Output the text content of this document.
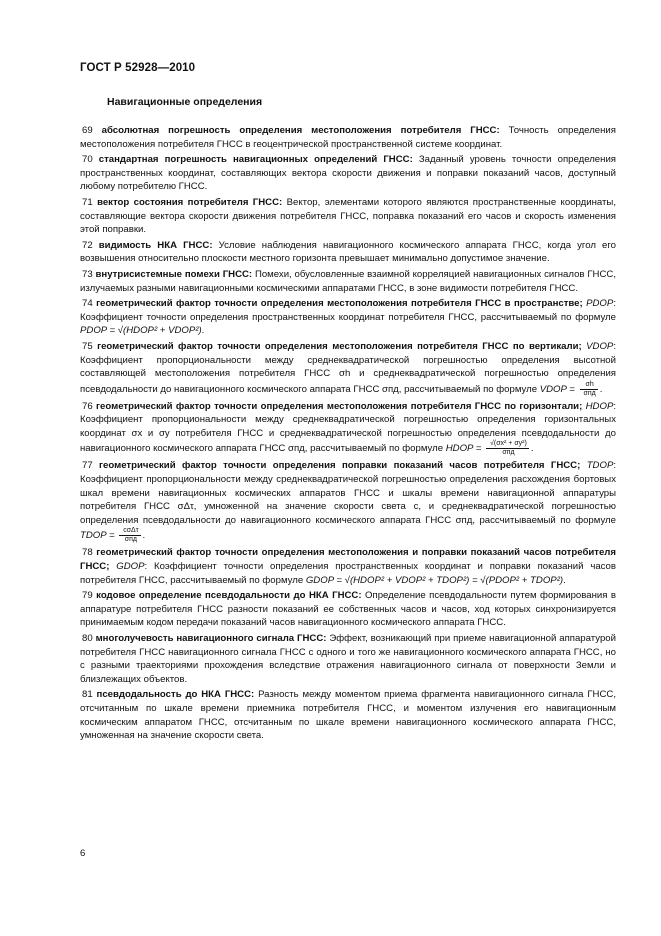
ГОСТ Р 52928—2010
Навигационные определения

69 абсолютная погрешность определения местоположения потребителя ГНСС: Точность определения местоположения потребителя ГНСС в геоцентрической пространственной системе координат.

70 стандартная погрешность навигационных определений ГНСС: Заданный уровень точности определения пространственных координат, составляющих вектора скорости движения и поправки показаний часов, доступный любому потребителю ГНСС.

71 вектор состояния потребителя ГНСС: Вектор, элементами которого являются пространственные координаты, составляющие вектора скорости движения потребителя ГНСС, поправка показаний его часов и скорость изменения этой поправки.

72 видимость НКА ГНСС: Условие наблюдения навигационного космического аппарата ГНСС, когда угол его возвышения относительно плоскости местного горизонта превышает минимально допустимое значение.

73 внутрисистемные помехи ГНСС: Помехи, обусловленные взаимной корреляцией навигационных сигналов ГНСС, излучаемых разными навигационными космическими аппаратами ГНСС, в зоне видимости потребителя ГНСС.

74 геометрический фактор точности определения местоположения потребителя ГНСС в пространстве; PDOP: Коэффициент точности определения пространственных координат потребителя ГНСС, рассчитываемый по формуле PDOP = √(HDOP² + VDOP²).

75 геометрический фактор точности определения местоположения потребителя ГНСС по вертикали; VDOP: Коэффициент пропорциональности между среднеквадратической погрешностью определения высотной составляющей местоположения потребителя ГНСС σh и среднеквадратической погрешностью определения псевдодальности до навигационного космического аппарата ГНСС σпд, рассчитываемый по формуле VDOP = $\frac{\sigma h}{\text{σпд}}$ .

76 геометрический фактор точности определения местоположения потребителя ГНСС по горизонтали; HDOP: Коэффициент пропорциональности между среднеквадратической погрешностью определения горизонтальных координат σx и σy потребителя ГНСС и среднеквадратической погрешностью определения псевдодальности до навигационного космического аппарата ГНСС σпд, рассчитываемый по формуле HDOP = $\frac{\text{√(σx² + σy²)}}{\text{σпд}}$ .

77 геометрический фактор точности определения поправки показаний часов потребителя ГНСС; TDOP: Коэффициент пропорциональности между среднеквадратической погрешностью определения расхождения бортовых шкал времени навигационных космических аппаратов ГНСС и шкалы времени навигационной аппаратуры потребителя ГНСС σΔτ, умноженной на значение скорости света c, и среднеквадратической погрешностью определения псевдодальности до навигационного космического аппарата ГНСС σпд, рассчитываемый по формуле TDOP = $\frac{\text{cσΔτ}}{\text{σпд}}$ .

78 геометрический фактор точности определения местоположения и поправки показаний часов потребителя ГНСС; GDOP: Коэффициент точности определения пространственных координат и поправки показаний часов потребителя ГНСС, рассчитываемый по формуле GDOP = √(HDOP² + VDOP² + TDOP²) = √(PDOP² + TDOP²).

79 кодовое определение псевдодальности до НКА ГНСС: Определение псевдодальности путем формирования в аппаратуре потребителя ГНСС разности показаний ее собственных часов и часов, ход которых синхронизируется принимаемым кодом передачи показаний часов навигационного космического аппарата ГНСС.

80 многолучевость навигационного сигнала ГНСС: Эффект, возникающий при приеме навигационной аппаратурой потребителя ГНСС навигационного сигнала ГНСС с одного и того же навигационного космического аппарата ГНСС, но с разными траекториями прохождения вследствие отражения навигационного сигнала от поверхности Земли и близлежащих объектов.

81 псевдодальность до НКА ГНСС: Разность между моментом приема фрагмента навигационного сигнала ГНСС, отсчитанным по шкале времени приемника потребителя ГНСС, и моментом излучения его навигационным космическим аппаратом ГНСС, отсчитанным по шкале времени навигационного космического аппарата ГНСС, умноженная на значение скорости света.

6
